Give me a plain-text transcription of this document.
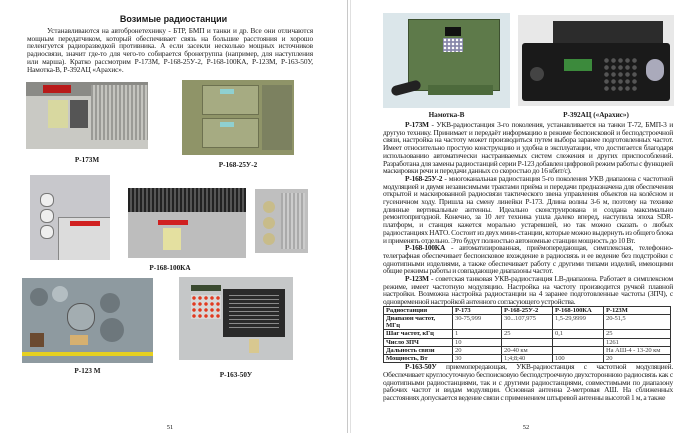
Возимые радиостанции
Устанавливаются на автобронетехнику - БТР, БМП и танки и др. Все они отличаются мощным передатчиком, который обеспечивает связь на большие расстояния и хорошо пеленгуется радиоразведкой противника. А если засекли несколько мощных источников радиосвязи, значит где-то для чего-то собирается бронегруппа (например, для наступления или марша). Кратко рассмотрим Р-173М, Р-168-25У-2, Р-168-100КА, Р-123М, Р-163-50У, Намотка-В, Р-392АЦ «Арахис».
Р-173М
Р-168-25У-2
Р-168-100КА
Р-123 М	Р-163-50У
51
Намотка-В	Р-392АЦ («Арахис»)

Р-173М - УКВ-радиостанция 3-го поколения, устанавливается на танки Т-72, БМП-3 и другую технику. Принимает и передаёт информацию в режиме беспоисковой и бесподстроечной связи, настройка на частоту может производиться путем выбора заранее подготовленных частот. Имеет относительно простую конструкцию и удобна в эксплуатации, что достигается благодаря использованию автоматически настраиваемых систем слежения и других приспособлений. Разработана для замены радиостанций серии Р-123 добавлен цифровой режим работы с функцией маскировки речи и передачи данных со скоростью до 16 кбит/с).

Р-168-25У-2 - многоканальная радиостанция 5-го поколения УКВ диапазона с частотной модуляцией и двумя независимыми трактами приёма и передачи предназначена для обеспечения открытой и маскированной радиосвязи тактического звена управления объектов на колёсном и гусеничном ходу. Пришла на смену линейки Р-173. Длина волны 3-6 м, поэтому на технике длинные вертикальные антенны. Идеально сконструирована и создана максимально ремонтопригодной. Конечно, за 10 лет техника ушла далеко вперед, наступила эпоха SDR-платформ, и станция кажется морально устаревшей, но так можно сказать о любых радиостанциях НАТО. Состоит из двух мини-станции, которые можно выдернуть из общего блока и применять отдельно. Это будут полностью автономные станции мощность до 10 Вт.

Р-168-100КА - автоматизированная, приёмопередающая, симплексная, телефонно-телеграфная обеспечивает беспоисковое вхождение в радиосвязь и ее ведение без подстройки с однотипными изделиями, а также обеспечивает работу с другими типами изделий, имеющими общие режимы работы и совпадающие диапазоны частот.

Р-123М - советская танковая УКВ-радиостанция LB-диапазона. Работает в симплексном режиме, имеет частотную модуляцию. Настройка на частоту производится ручкой плавной настройки. Возможна настройка радиостанции на 4 заранее подготовленные частоты (ЗПЧ), с одновременной настройкой антенного согласующего устройства.

Радиостанция	Р-173	Р-168-25У-2	Р-168-100КА	Р-123М
Диапазон частот, МГц	30-75,999	30...107,975	1,5-29,9999	20-51,5
Шаг частот, кГц	1	25	0,1	25
Число ЗПЧ	10			1261
Дальность связи	20	20-40 км		На АШ-4 - 13-20 км
Мощность, Вт	30	1;4;8;40	100	20

Р-163-50У приемопередающая, УКВ-радиостанция с частотной модуляцией. Обеспечивает круглосуточную беспоисковую бесподстроечную двухстороннюю радиосвязь как с однотипными радиостанциями, так и с другими радиостанциями, совместимыми по диапазону рабочих частот и видам модуляции. Основная антенна 2-метровая АШ. На сближенных расстояниях допускается ведение связи с применением штыревой антенны высотой 1 м, а также

52
